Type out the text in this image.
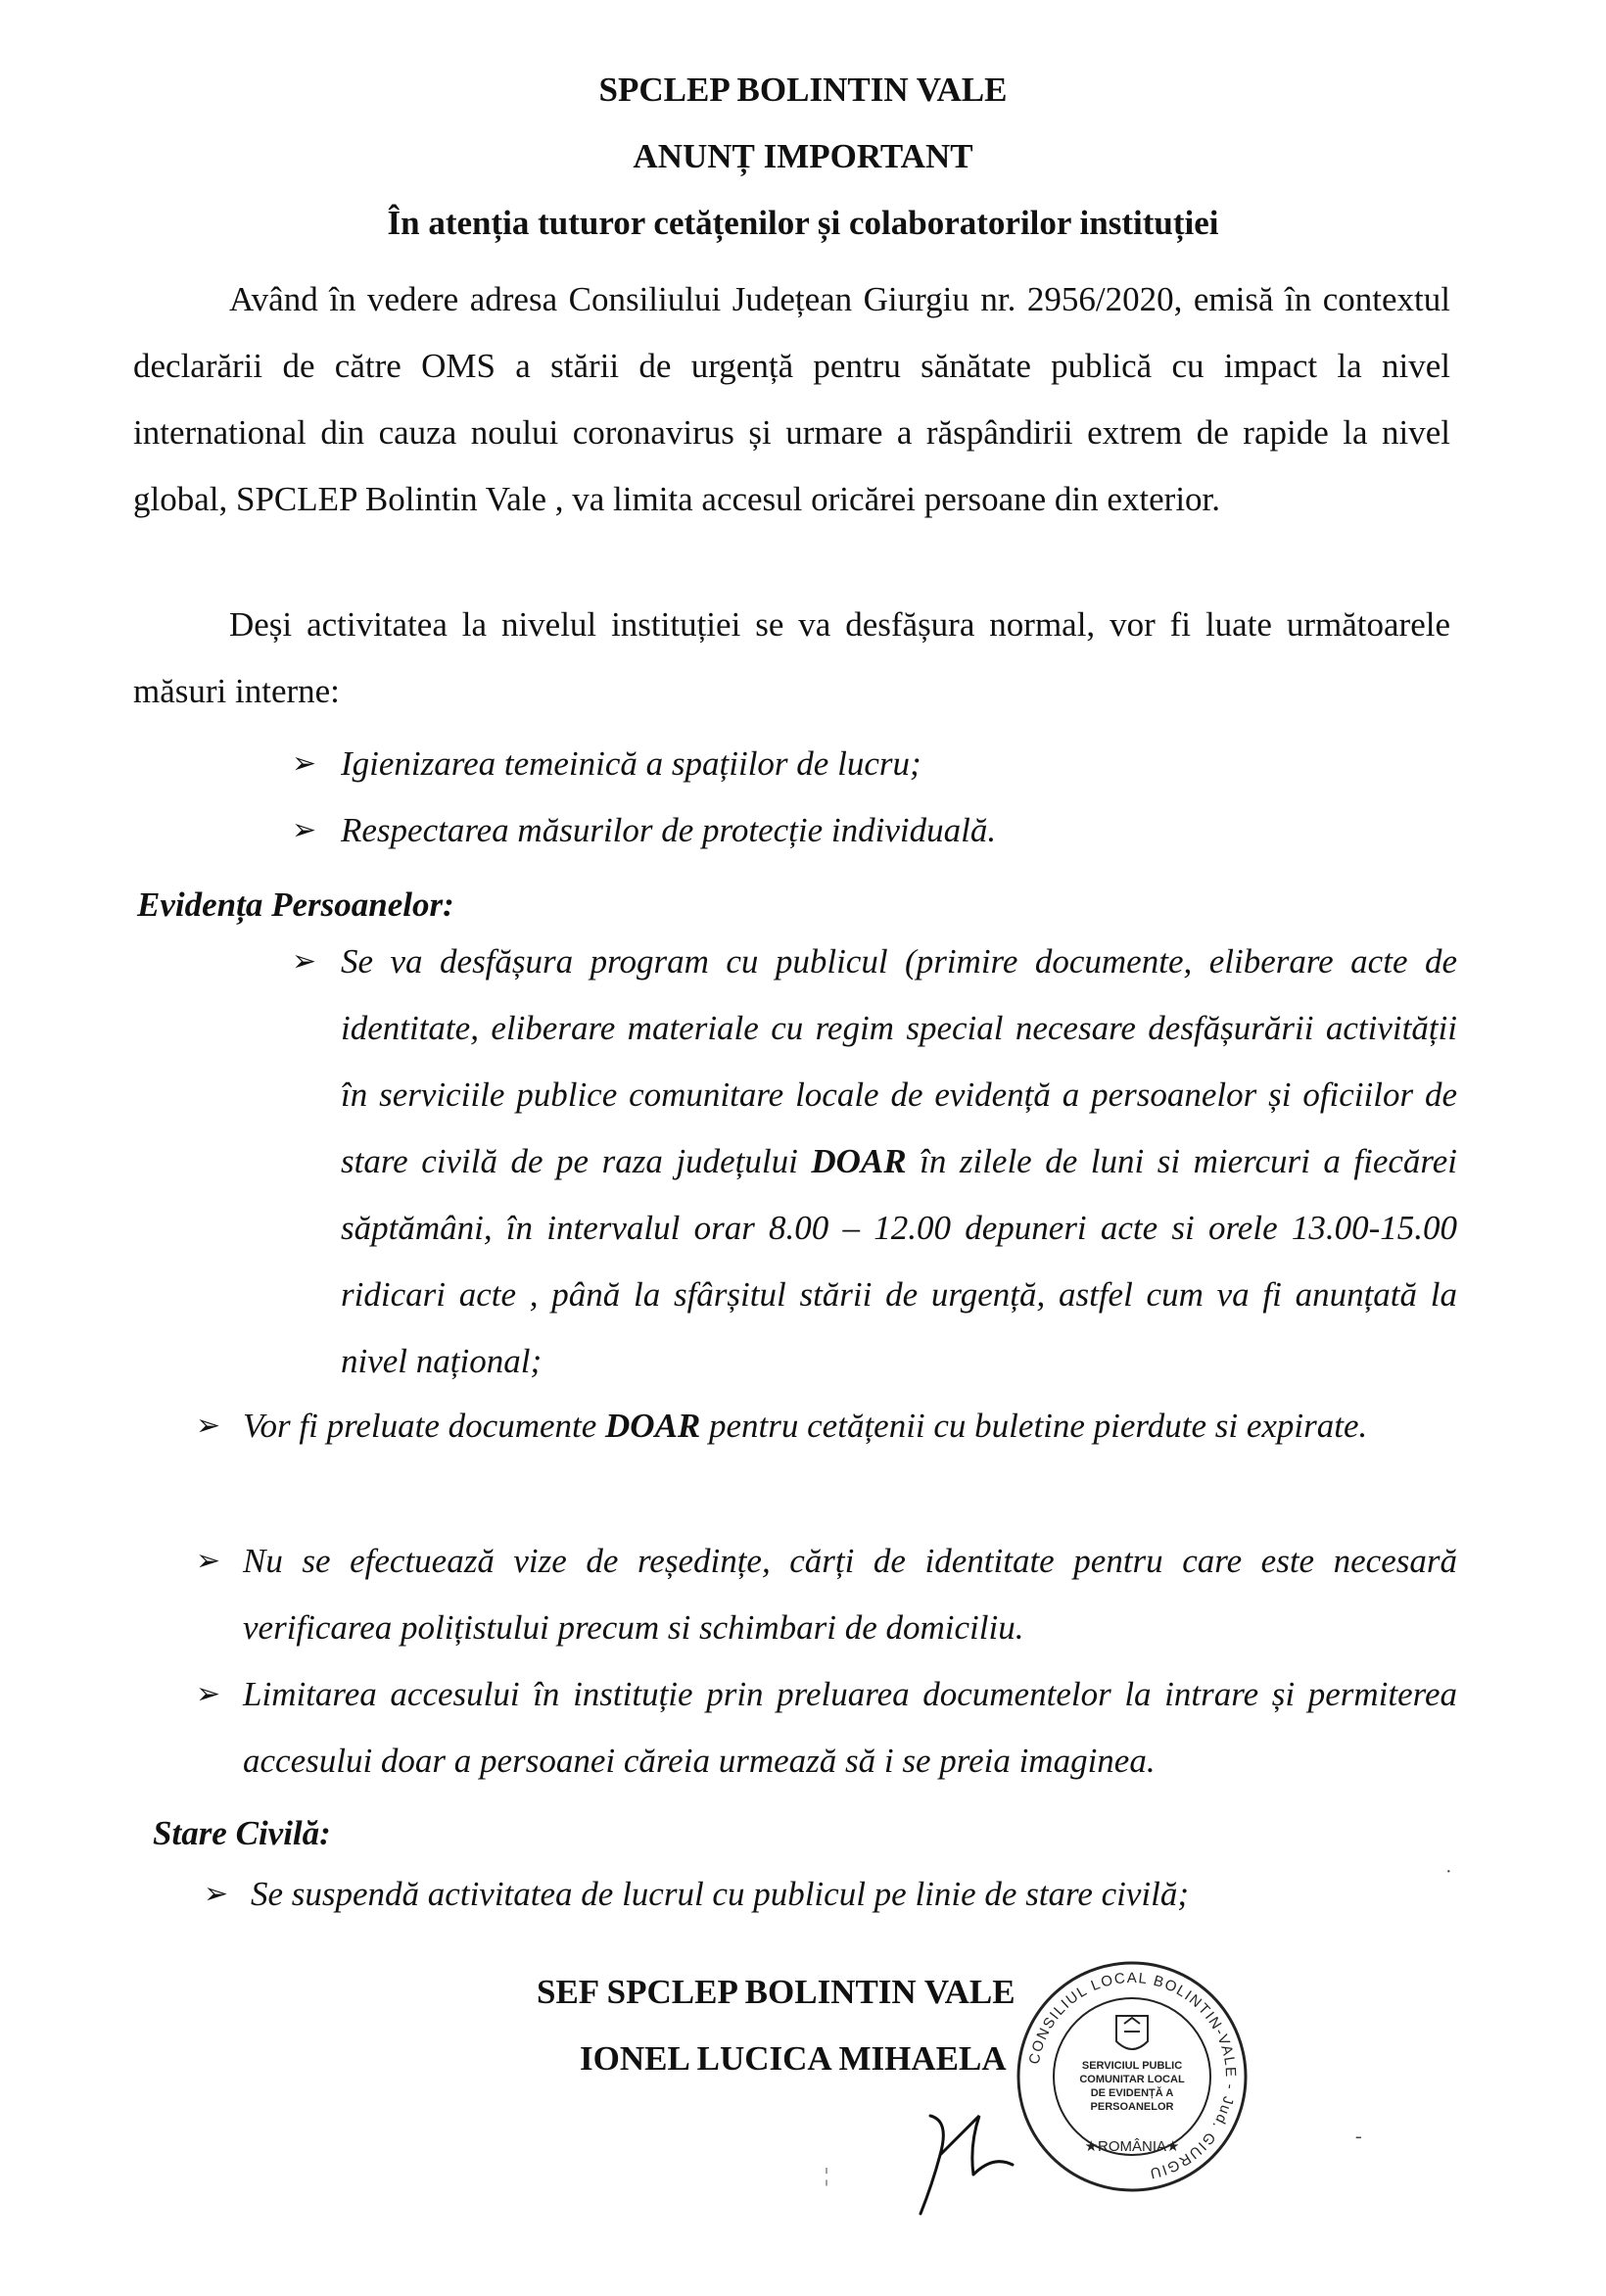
SPCLEP BOLINTIN VALE
ANUNȚ IMPORTANT
În atenția tuturor cetățenilor și colaboratorilor instituției
Având în vedere adresa Consiliului Județean Giurgiu nr. 2956/2020, emisă în contextul declarării de către OMS a stării de urgență pentru sănătate publică cu impact la nivel international din cauza noului coronavirus și urmare a răspândirii extrem de rapide la nivel global, SPCLEP Bolintin Vale , va limita accesul oricărei persoane din exterior.
Deși activitatea la nivelul instituției se va desfășura normal, vor fi luate următoarele măsuri interne:
➢ Igienizarea temeinică a spațiilor de lucru;
➢ Respectarea măsurilor de protecție individuală.
Evidența Persoanelor:
➢ Se va desfășura program cu publicul (primire documente, eliberare acte de identitate, eliberare materiale cu regim special necesare desfășurării activității în serviciile publice comunitare locale de evidență a persoanelor și oficiilor de stare civilă de pe raza județului DOAR în zilele de luni si miercuri a fiecărei săptămâni, în intervalul orar 8.00 – 12.00 depuneri acte si orele 13.00-15.00 ridicari acte , până la sfârșitul stării de urgență, astfel cum va fi anunțată la nivel național;
➢ Vor fi preluate documente DOAR pentru cetățenii cu buletine pierdute si expirate.
➢ Nu se efectuează vize de reședințe, cărți de identitate pentru care este necesară verificarea polițistului precum si schimbari de domiciliu.
➢ Limitarea accesului în instituție prin preluarea documentelor la intrare și permiterea accesului doar a persoanei căreia urmează să i se preia imaginea.
Stare Civilă:
➢ Se suspendă activitatea de lucrul cu publicul pe linie de stare civilă;
SEF SPCLEP BOLINTIN VALE
IONEL LUCICA MIHAELA CONSILIUL LOCAL BOLINTIN-VALE - Jud. GIURGIU
SERVICIUL PUBLIC
COMUNITAR LOCAL
DE EVIDENȚĂ A
PERSOANELOR
★ROMÂNIA★
¦
·
-
